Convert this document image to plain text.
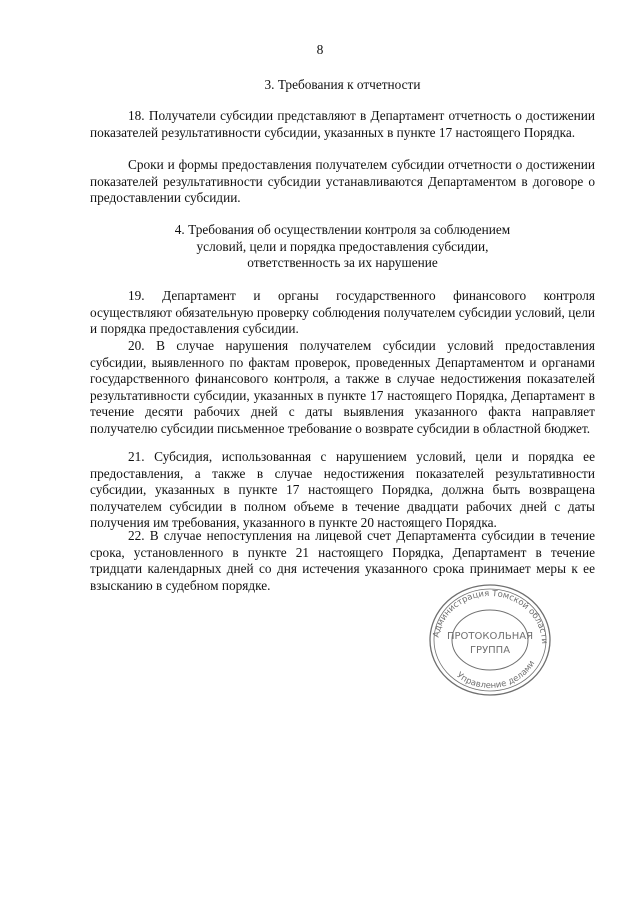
8
3. Требования к отчетности

18. Получатели субсидии представляют в Департамент отчетность о достижении показателей результативности субсидии, указанных в пункте 17 настоящего Порядка.

Сроки и формы предоставления получателем субсидии отчетности о достижении показателей результативности субсидии устанавливаются Департаментом в договоре о предоставлении субсидии.

4. Требования об осуществлении контроля за соблюдением
условий, цели и порядка предоставления субсидии,
ответственность за их нарушение

19. Департамент и органы государственного финансового контроля осуществляют обязательную проверку соблюдения получателем субсидии условий, цели и порядка предоставления субсидии.

20. В случае нарушения получателем субсидии условий предоставления субсидии, выявленного по фактам проверок, проведенных Департаментом и органами государственного финансового контроля, а также в случае недостижения показателей результативности субсидии, указанных в пункте 17 настоящего Порядка, Департамент в течение десяти рабочих дней с даты выявления указанного факта направляет получателю субсидии письменное требование о возврате субсидии в областной бюджет.

21. Субсидия, использованная с нарушением условий, цели и порядка ее предоставления, а также в случае недостижения показателей результативности субсидии, указанных в пункте 17 настоящего Порядка, должна быть возвращена получателем субсидии в полном объеме в течение двадцати рабочих дней с даты получения им требования, указанного в пункте 20 настоящего Порядка.

22. В случае непоступления на лицевой счет Департамента субсидии в течение срока, установленного в пункте 21 настоящего Порядка, Департамент в течение тридцати календарных дней со дня истечения указанного срока принимает меры к ее взысканию в судебном порядке.

Администрация Томской области
Управление делами
ПРОТОКОЛЬНАЯ
ГРУППА
